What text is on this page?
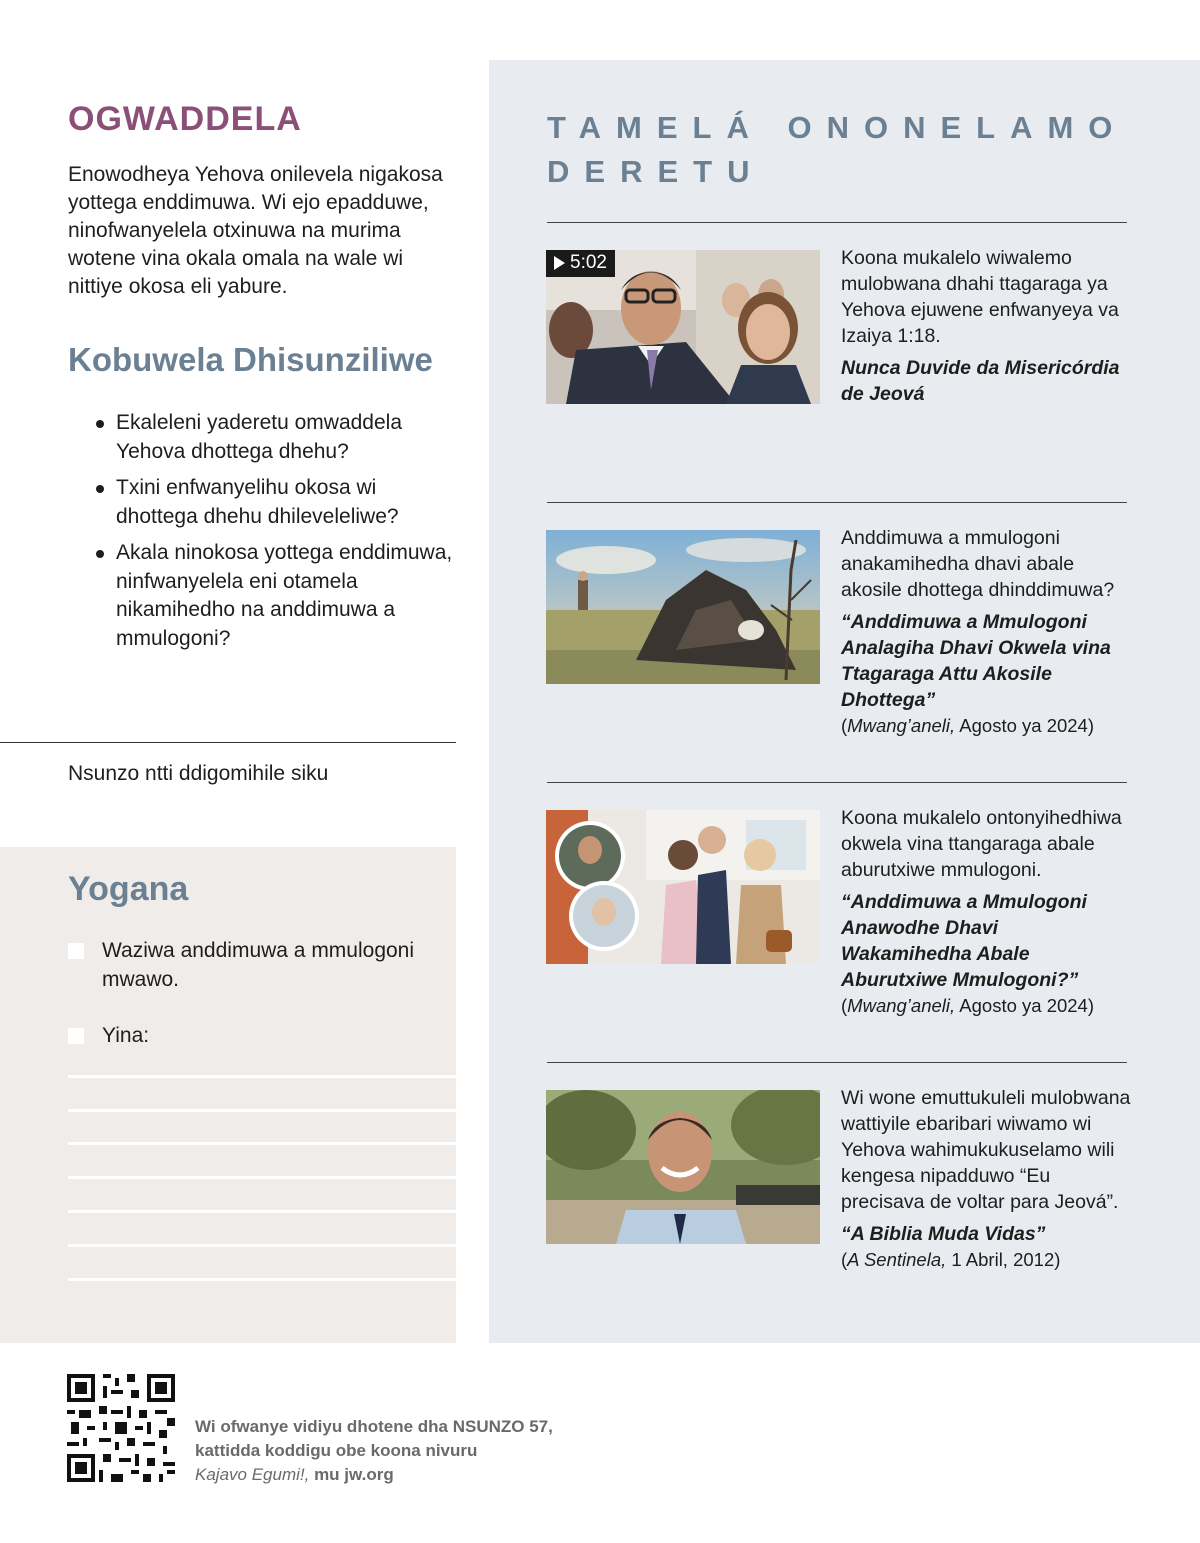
OGWADDELA

Enowodheya Yehova onilevela nigakosa yottega enddimuwa. Wi ejo epadduwe, ninofwanyelela otxinuwa na murima wotene vina okala omala na wale wi nittiye okosa eli yabure.

Kobuwela Dhisunziliwe
Ekaleleni yaderetu omwaddela Yehova dhottega dhehu?
Txini enfwanyelihu okosa wi dhottega dhehu dhileveleliwe?
Akala ninokosa yottega enddimuwa, ninfwanyelela eni otamela nikamihedho na anddimuwa a mmulogoni?
Nsunzo ntti ddigomihile siku
Yogana
Waziwa anddimuwa a mmulogoni mwawo.
Yina:
TAMELÁ ONONELAMO DERETU
5:02	Koona mukalelo wiwalemo mulobwana dhahi ttagaraga ya Yehova ejuwene enfwanyeya va Izaiya 1:18.

Nunca Duvide da Misericórdia de Jeová

Anddimuwa a mmulogoni anakamihedha dhavi abale akosile dhottega dhinddimuwa?

“Anddimuwa a Mmulogoni Analagiha Dhavi Okwela vina Ttagaraga Attu Akosile Dhottega”

(Mwang’aneli, Agosto ya 2024)

Koona mukalelo ontonyihedhiwa okwela vina ttangaraga abale aburutxiwe mmulogoni.

“Anddimuwa a Mmulogoni Anawodhe Dhavi Wakamihedha Abale Aburutxiwe Mmulogoni?”

(Mwang’aneli, Agosto ya 2024)

Wi wone emuttukuleli mulobwana wattiyile ebaribari wiwamo wi Yehova wahimukukuselamo wili kengesa nipadduwo “Eu precisava de voltar para Jeová”.

“A Biblia Muda Vidas”

(A Sentinela, 1 Abril, 2012)

Wi ofwanye vidiyu dhotene dha NSUNZO 57,
kattidda koddigu obe koona nivuru
Kajavo Egumi!, mu jw.org
